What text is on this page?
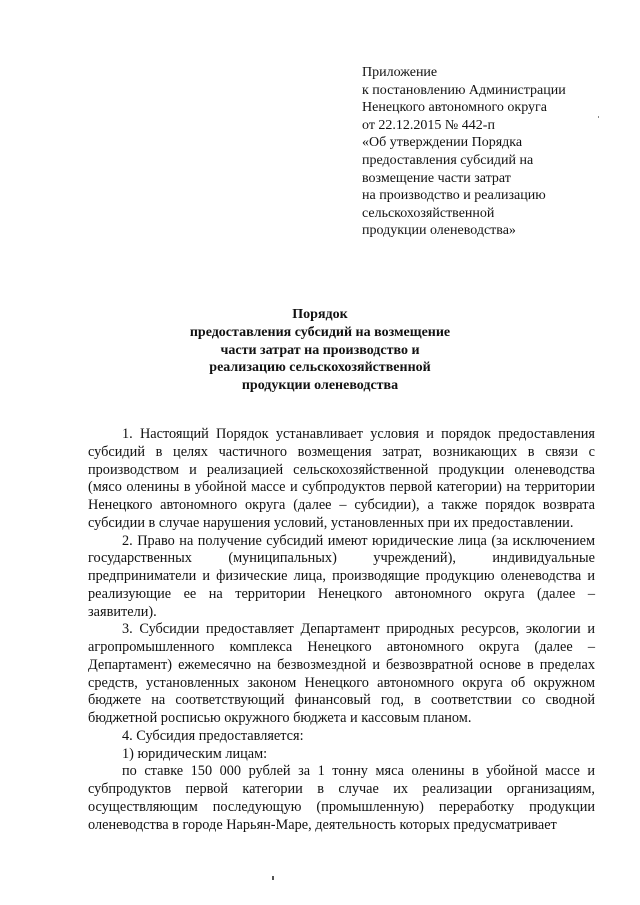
Приложение
к постановлению Администрации
Ненецкого автономного округа
от 22.12.2015 № 442-п
«Об утверждении Порядка
предоставления субсидий на
возмещение части затрат
на производство и реализацию
сельскохозяйственной
продукции оленеводства»
Порядок
предоставления субсидий на возмещение
части затрат на производство и
реализацию сельскохозяйственной
продукции оленеводства

1. Настоящий Порядок устанавливает условия и порядок предоставления субсидий в целях частичного возмещения затрат, возникающих в связи с производством и реализацией сельскохозяйственной продукции оленеводства (мясо оленины в убойной массе и субпродуктов первой категории) на территории Ненецкого автономного округа (далее – субсидии), а также порядок возврата субсидии в случае нарушения условий, установленных при их предоставлении.

2. Право на получение субсидий имеют юридические лица (за исключением государственных (муниципальных) учреждений), индивидуальные предприниматели и физические лица, производящие продукцию оленеводства и реализующие ее на территории Ненецкого автономного округа (далее – заявители).

3. Субсидии предоставляет Департамент природных ресурсов, экологии и агропромышленного комплекса Ненецкого автономного округа (далее – Департамент) ежемесячно на безвозмездной и безвозвратной основе в пределах средств, установленных законом Ненецкого автономного округа об окружном бюджете на соответствующий финансовый год, в соответствии со сводной бюджетной росписью окружного бюджета и кассовым планом.

4. Субсидия предоставляется:

1) юридическим лицам:

по ставке 150 000 рублей за 1 тонну мяса оленины в убойной массе и субпродуктов первой категории в случае их реализации организациям, осуществляющим последующую (промышленную) переработку продукции оленеводства в городе Нарьян-Маре, деятельность которых предусматривает
